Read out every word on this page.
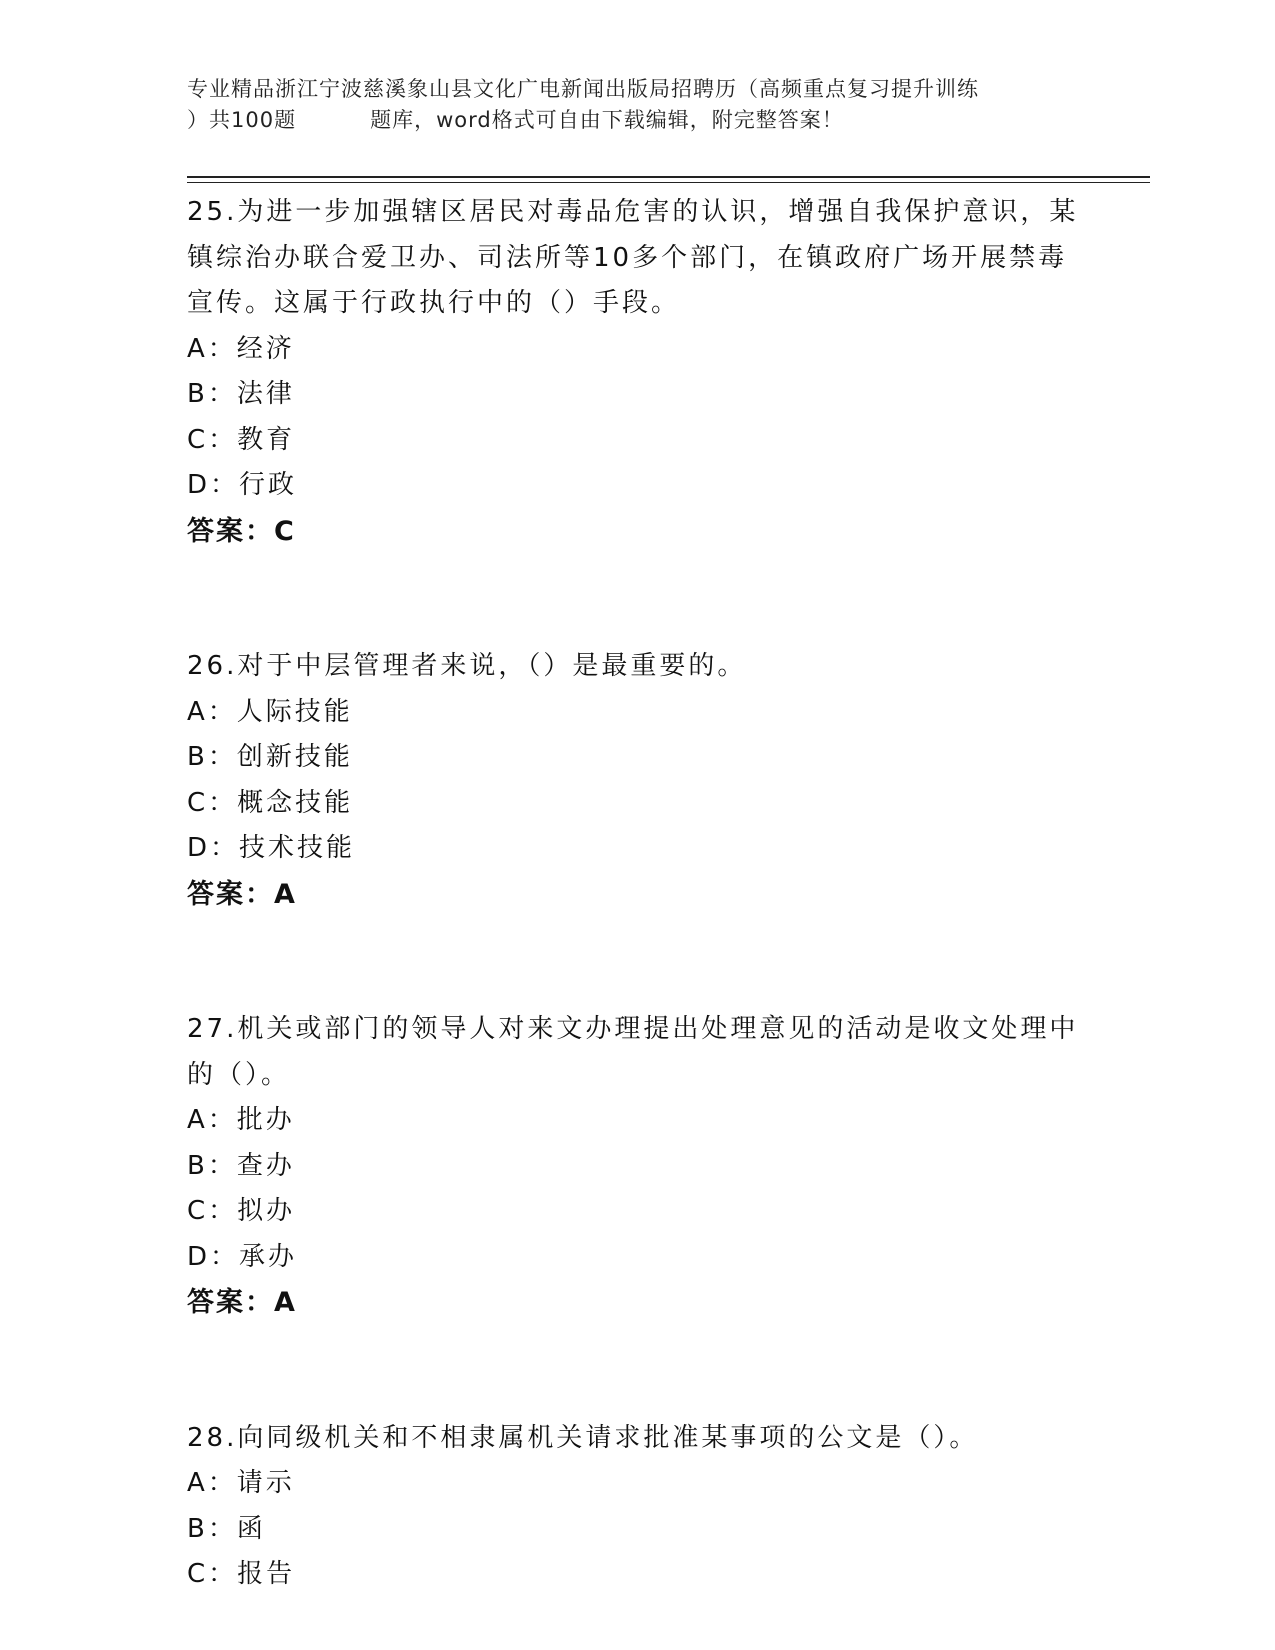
专业精品浙江宁波慈溪象山县文化广电新闻出版局招聘历（高频重点复习提升训练
）共100题	题库，word格式可自由下载编辑，附完整答案！

25.为进一步加强辖区居民对毒品危害的认识，增强自我保护意识，某镇综治办联合爱卫办、司法所等10多个部门，在镇政府广场开展禁毒宣传。这属于行政执行中的（）手段。

A：经济

B：法律

C：教育

D：行政

答案：C

26.对于中层管理者来说，（）是最重要的。

A：人际技能

B：创新技能

C：概念技能

D：技术技能

答案：A

27.机关或部门的领导人对来文办理提出处理意见的活动是收文处理中的（）。

A：批办

B：查办

C：拟办

D：承办

答案：A

28.向同级机关和不相隶属机关请求批准某事项的公文是（）。

A：请示

B：函

C：报告
